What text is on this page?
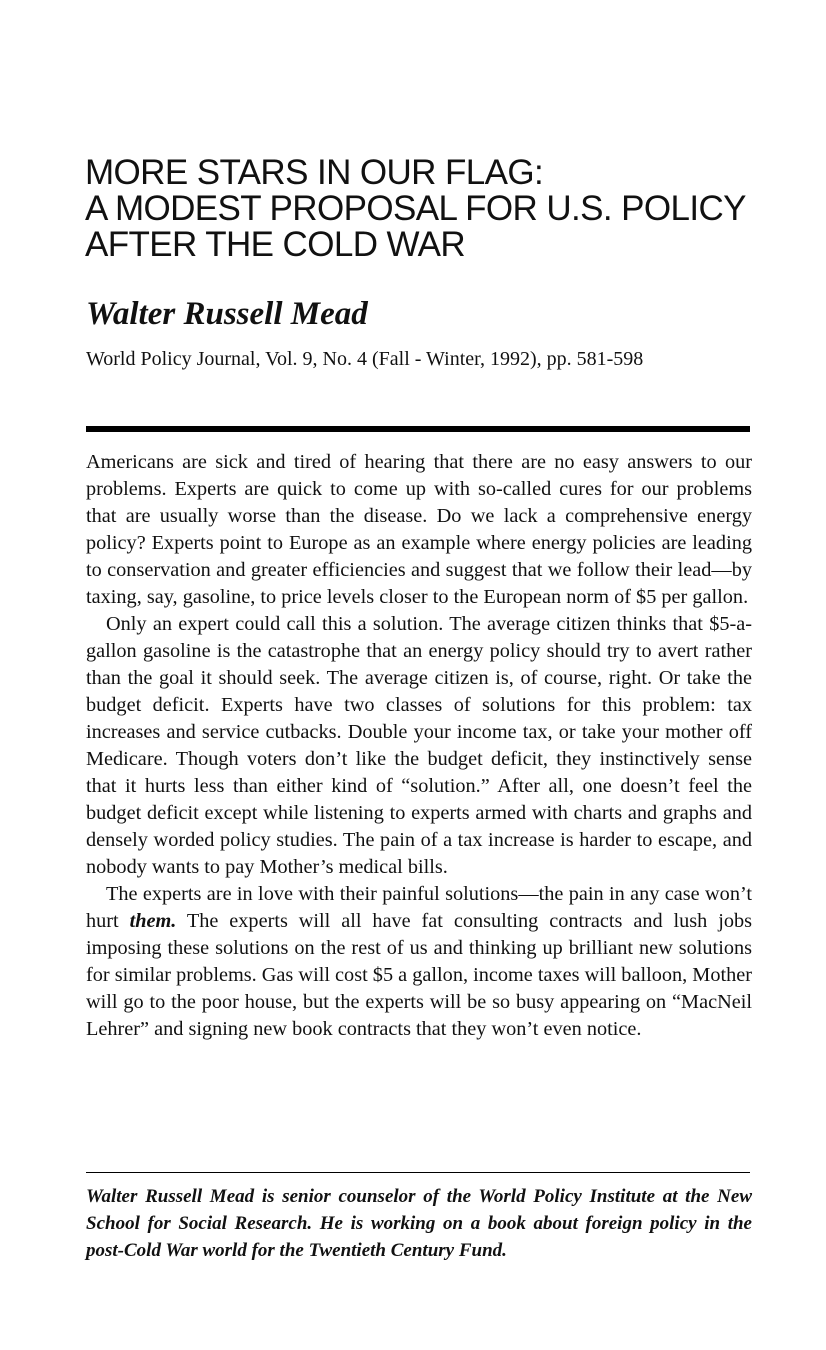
MORE STARS IN OUR FLAG:
A MODEST PROPOSAL FOR U.S. POLICY
AFTER THE COLD WAR
Walter Russell Mead
World Policy Journal, Vol. 9, No. 4 (Fall - Winter, 1992), pp. 581-598

Americans are sick and tired of hearing that there are no easy answers to our problems. Experts are quick to come up with so-called cures for our problems that are usually worse than the disease. Do we lack a comprehensive energy policy? Experts point to Europe as an example where energy policies are leading to conservation and greater efficiencies and suggest that we follow their lead—by taxing, say, gasoline, to price levels closer to the European norm of $5 per gallon.

Only an expert could call this a solution. The average citizen thinks that $5-a-gallon gasoline is the catastrophe that an energy policy should try to avert rather than the goal it should seek. The average citizen is, of course, right. Or take the budget deficit. Experts have two classes of solutions for this problem: tax increases and service cutbacks. Double your income tax, or take your mother off Medicare. Though voters don’t like the budget deficit, they instinctively sense that it hurts less than either kind of “solution.” After all, one doesn’t feel the budget deficit except while listening to experts armed with charts and graphs and densely worded policy studies. The pain of a tax increase is harder to escape, and nobody wants to pay Mother’s medical bills.

The experts are in love with their painful solutions—the pain in any case won’t hurt them. The experts will all have fat consulting contracts and lush jobs imposing these solutions on the rest of us and thinking up brilliant new solutions for similar problems. Gas will cost $5 a gallon, income taxes will balloon, Mother will go to the poor house, but the experts will be so busy appearing on “MacNeil Lehrer” and signing new book contracts that they won’t even notice.

Walter Russell Mead is senior counselor of the World Policy Institute at the New School for Social Research. He is working on a book about foreign policy in the post-Cold War world for the Twentieth Century Fund.
